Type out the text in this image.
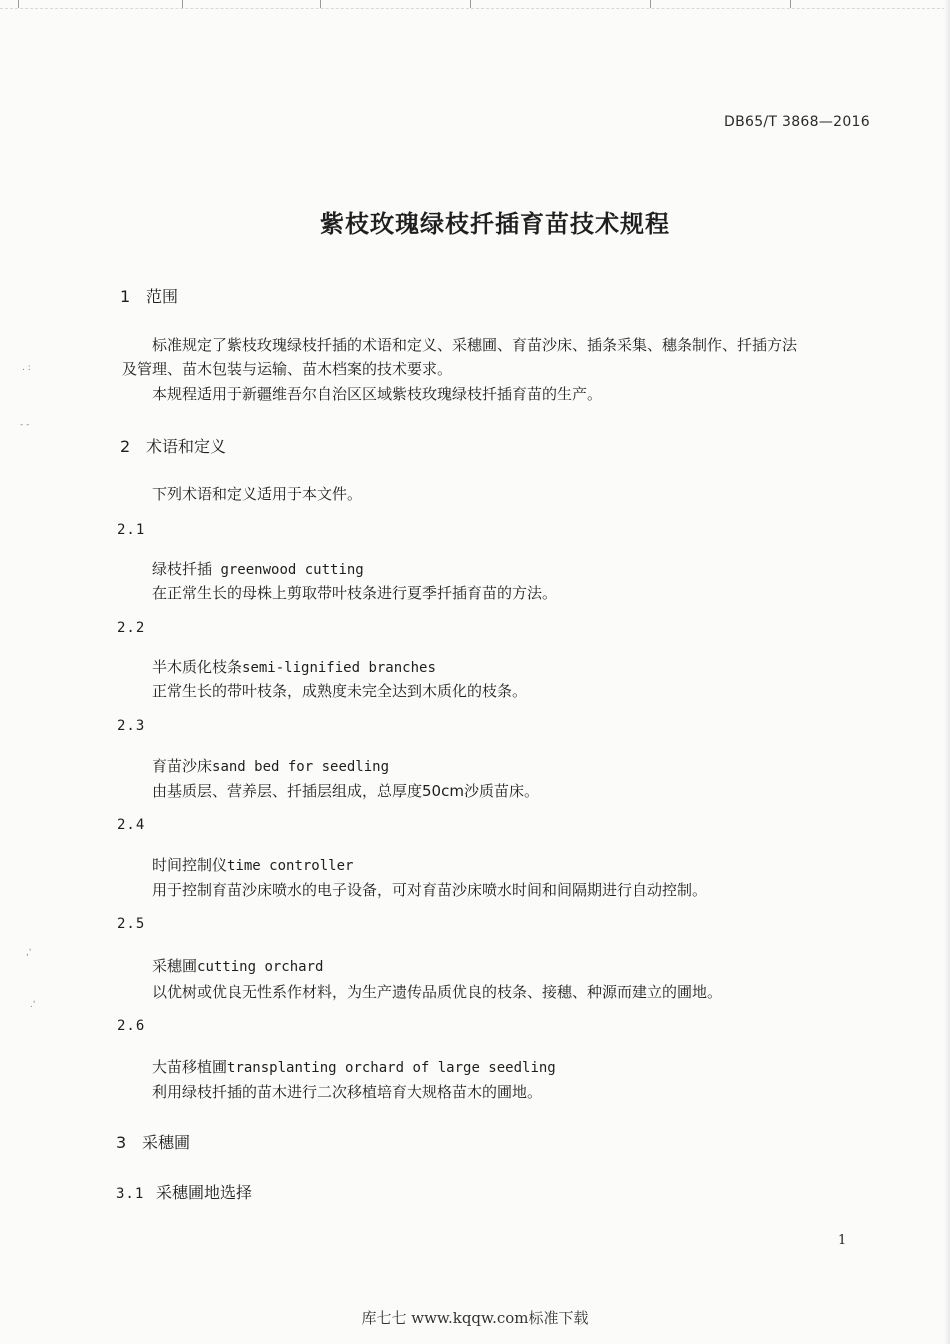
. :
- -
,'
.'
DB65/T 3868—2016
紫枝玫瑰绿枝扦插育苗技术规程
1 范围
标准规定了紫枝玫瑰绿枝扦插的术语和定义、采穗圃、育苗沙床、插条采集、穗条制作、扦插方法
及管理、苗木包装与运输、苗木档案的技术要求。
本规程适用于新疆维吾尔自治区区域紫枝玫瑰绿枝扦插育苗的生产。
2 术语和定义
下列术语和定义适用于本文件。
2.1
绿枝扦插 greenwood cutting
在正常生长的母株上剪取带叶枝条进行夏季扦插育苗的方法。
2.2
半木质化枝条semi-lignified branches
正常生长的带叶枝条，成熟度未完全达到木质化的枝条。
2.3
育苗沙床sand bed for seedling
由基质层、营养层、扦插层组成，总厚度50cm沙质苗床。
2.4
时间控制仪time controller
用于控制育苗沙床喷水的电子设备，可对育苗沙床喷水时间和间隔期进行自动控制。
2.5
采穗圃cutting orchard
以优树或优良无性系作材料，为生产遗传品质优良的枝条、接穗、种源而建立的圃地。
2.6
大苗移植圃transplanting orchard of large seedling
利用绿枝扦插的苗木进行二次移植培育大规格苗木的圃地。
3 采穗圃
3.1 采穗圃地选择
1
库七七 www.kqqw.com标准下载
